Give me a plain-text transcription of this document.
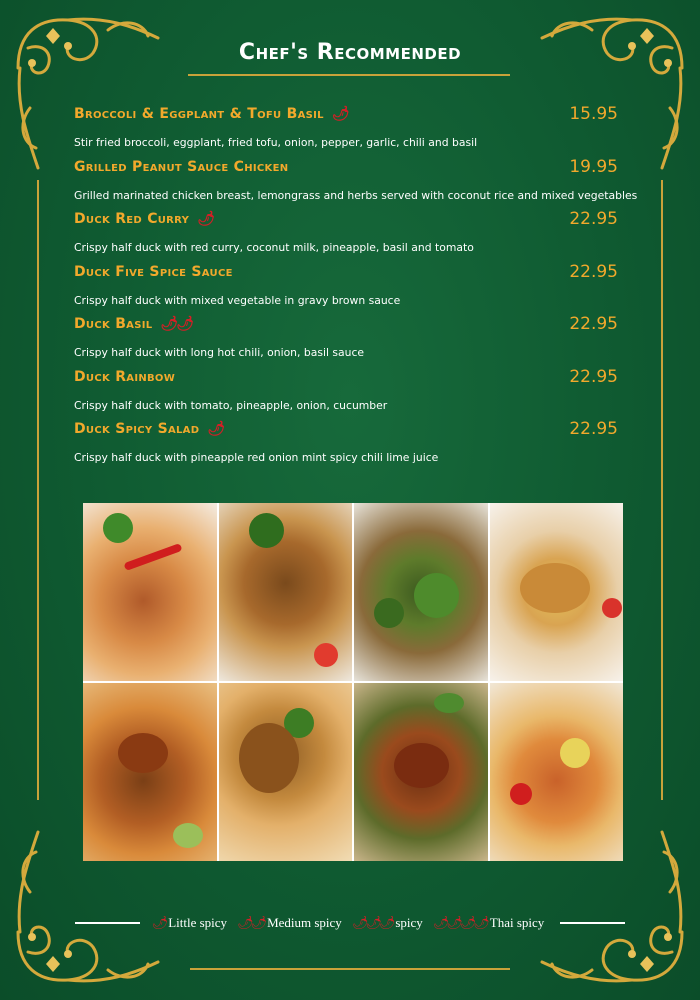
Chef's Recommended
Broccoli & Eggplant & Tofu Basil 🌶	15.95
Stir fried broccoli, eggplant, fried tofu, onion, pepper, garlic, chili and basil
Grilled Peanut Sauce Chicken	19.95
Grilled marinated chicken breast, lemongrass and herbs served with coconut rice and mixed vegetables
Duck Red Curry 🌶	22.95
Crispy half duck with red curry, coconut milk, pineapple, basil and tomato
Duck Five Spice Sauce	22.95
Crispy half duck with mixed vegetable in gravy brown sauce
Duck Basil 🌶🌶	22.95
Crispy half duck with long hot chili, onion, basil sauce
Duck Rainbow	22.95
Crispy half duck with tomato, pineapple, onion, cucumber
Duck Spicy Salad 🌶	22.95
Crispy half duck with pineapple red onion mint spicy chili lime juice
🌶 Little spicy 🌶🌶 Medium spicy 🌶🌶🌶 spicy 🌶🌶🌶🌶 Thai spicy
